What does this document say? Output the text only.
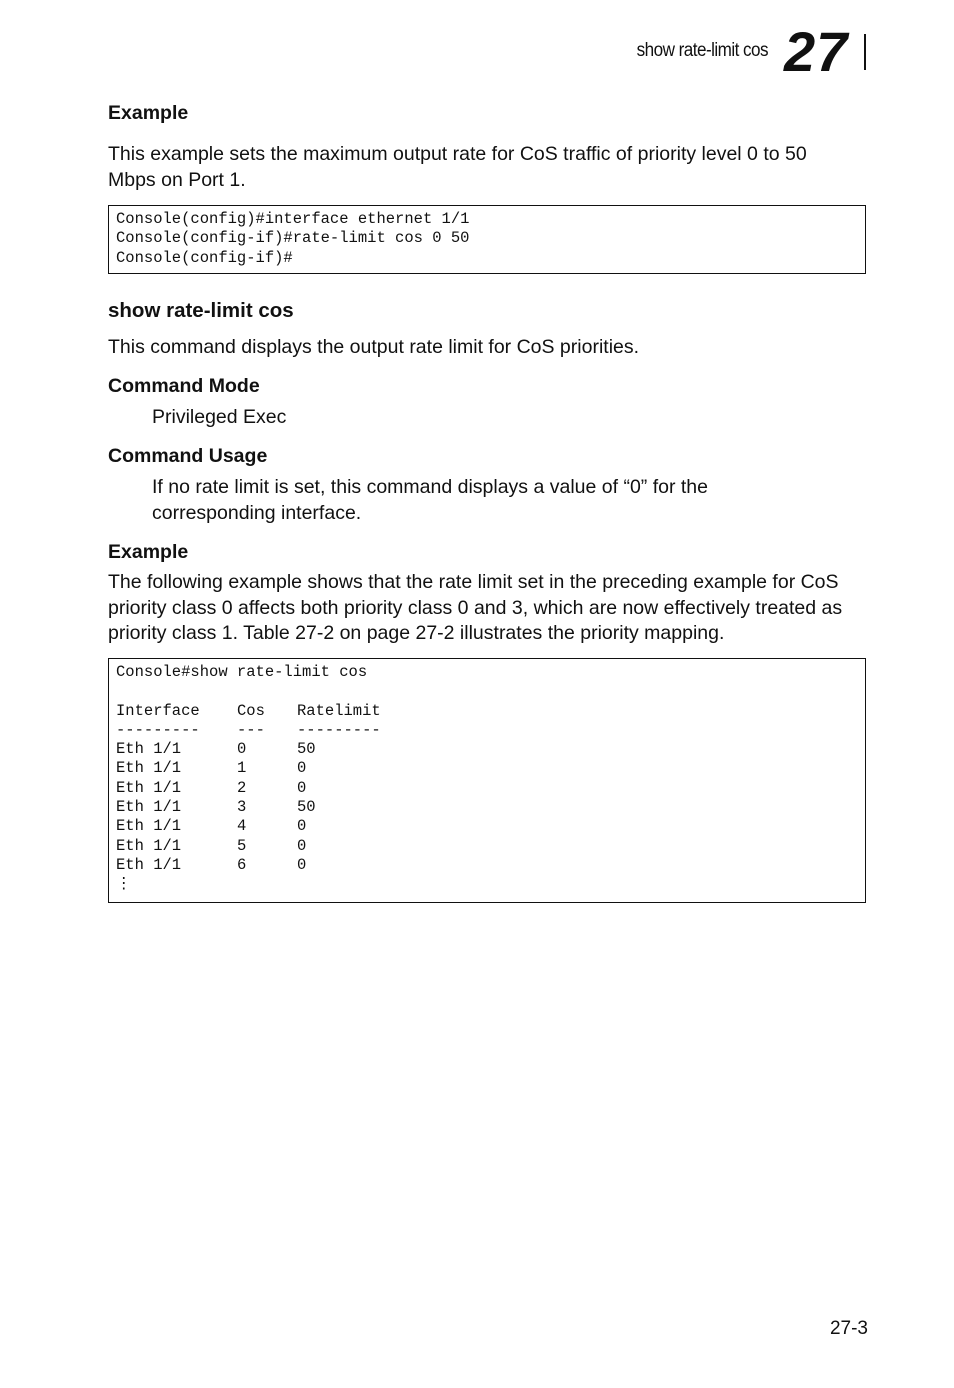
show rate-limit cos 27
Example

This example sets the maximum output rate for CoS traffic of priority level 0 to 50 Mbps on Port 1.

Console(config)#interface ethernet 1/1
Console(config-if)#rate-limit cos 0 50
Console(config-if)#
show rate-limit cos

This command displays the output rate limit for CoS priorities.

Command Mode

Privileged Exec

Command Usage

If no rate limit is set, this command displays a value of “0” for the corresponding interface.

Example

The following example shows that the rate limit set in the preceding example for CoS priority class 0 affects both priority class 0 and 3, which are now effectively treated as priority class 1. Table 27-2 on page 27-2 illustrates the priority mapping.

Console#show rate-limit cos
Interface Cos Ratelimit
--------- --- ---------
Eth 1/1	0	50
Eth 1/1	1	0
Eth 1/1	2	0
Eth 1/1	3	50
Eth 1/1	4	0
Eth 1/1	5	0
Eth 1/1	6	0
⋮
27-3
